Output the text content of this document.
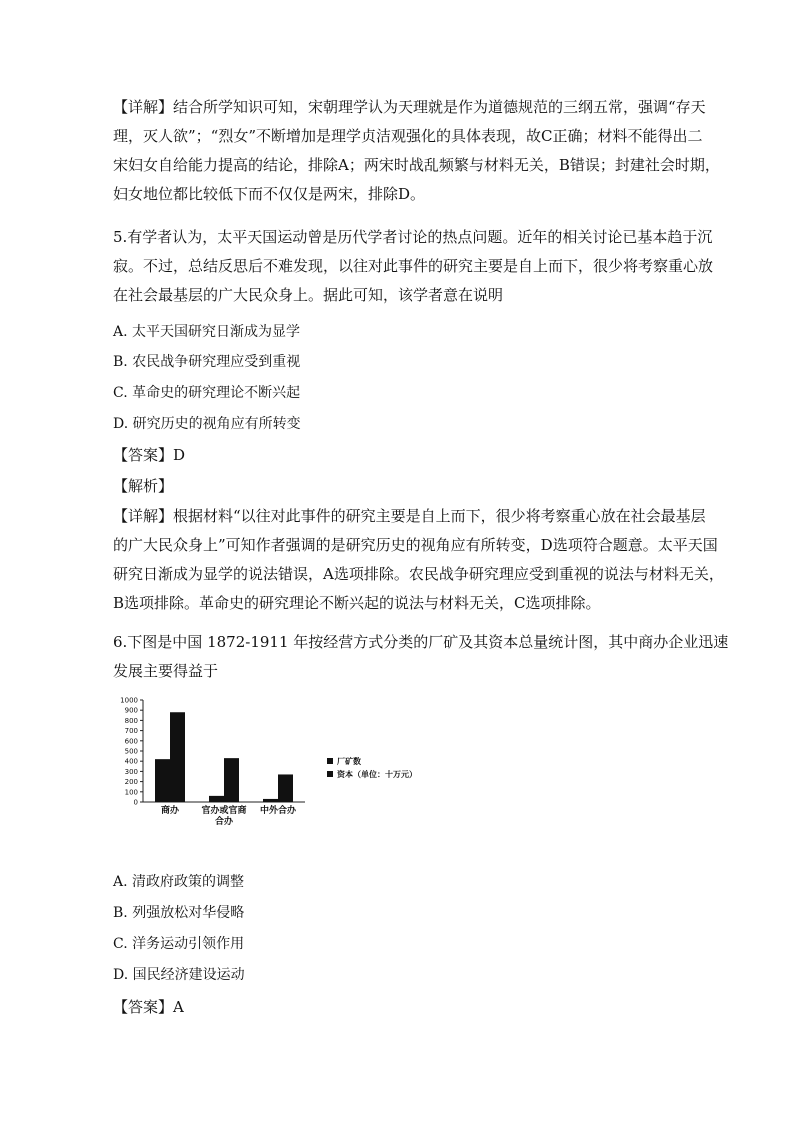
【详解】结合所学知识可知，宋朝理学认为天理就是作为道德规范的三纲五常，强调“存天
理，灭人欲”；“烈女”不断增加是理学贞洁观强化的具体表现，故C正确；材料不能得出二
宋妇女自给能力提高的结论，排除A；两宋时战乱频繁与材料无关，B错误；封建社会时期，
妇女地位都比较低下而不仅仅是两宋，排除D。
5.有学者认为，太平天国运动曾是历代学者讨论的热点问题。近年的相关讨论已基本趋于沉
寂。不过，总结反思后不难发现，以往对此事件的研究主要是自上而下，很少将考察重心放
在社会最基层的广大民众身上。据此可知，该学者意在说明
A. 太平天国研究日渐成为显学
B. 农民战争研究理应受到重视
C. 革命史的研究理论不断兴起
D. 研究历史的视角应有所转变
【答案】D
【解析】
【详解】根据材料“以往对此事件的研究主要是自上而下，很少将考察重心放在社会最基层
的广大民众身上”可知作者强调的是研究历史的视角应有所转变，D选项符合题意。太平天国
研究日渐成为显学的说法错误，A选项排除。农民战争研究理应受到重视的说法与材料无关，
B选项排除。革命史的研究理论不断兴起的说法与材料无关，C选项排除。
6.下图是中国 1872-1911 年按经营方式分类的厂矿及其资本总量统计图，其中商办企业迅速
发展主要得益于
0
100
200
300
400
500
600
700
800
900
1000
商办 官办或官商
合办
中外合办
厂矿数
资本（单位：十万元）
A. 清政府政策的调整
B. 列强放松对华侵略
C. 洋务运动引领作用
D. 国民经济建设运动
【答案】A
